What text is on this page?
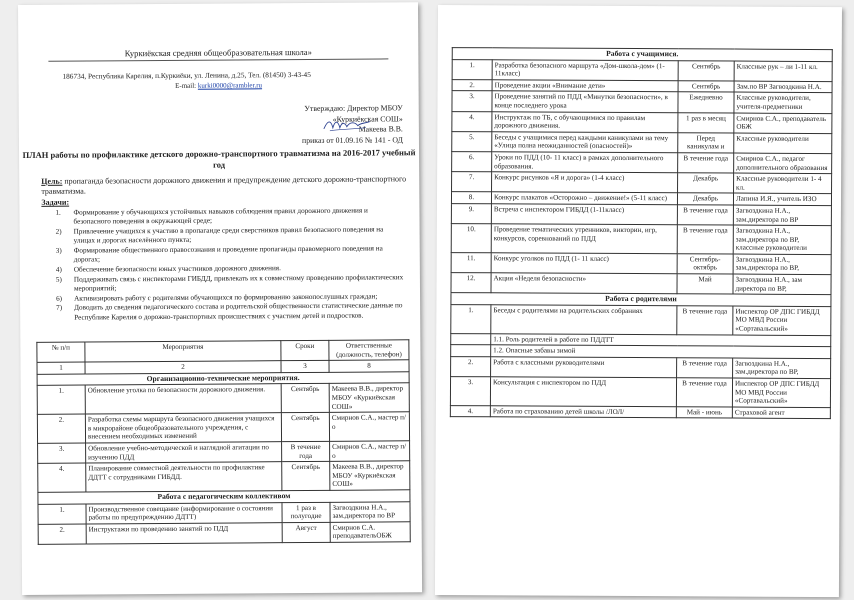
Куркиёкская средняя общеобразовательная школа»
186734, Республика Карелия, п.Куркиёки, ул. Ленина, д.25, Тел. (81450) 3-43-45
E-mail: kurki0000@rambler.ru
Утверждаю: Директор МБОУ
«Куркиёкская СОШ»
Макеева В.В.
приказ от 01.09.16 № 141 - ОД
ПЛАН работы по профилактике детского дорожно-транспортного травматизма на 2016-2017 учебный год
Цель: пропаганда безопасности дорожного движения и предупреждение детского дорожно-транспортного травматизма.
Задачи:
1. Формирование у обучающихся устойчивых навыков соблюдения правил дорожного движения и безопасного поведения в окружающей среде;
2) Привлечение учащихся к участию в пропаганде среди сверстников правил безопасного поведения на улицах и дорогах населённого пункта;
3) Формирование общественного правосознания и проведение пропаганды правомерного поведения на дорогах;
4) Обеспечение безопасности юных участников дорожного движения.
5) Поддерживать связь с инспекторами ГИБДД, привлекать их к совместному проведению профилактических мероприятий;
6) Активизировать работу с родителями обучающихся по формированию законопослушных граждан;
7) Доводить до сведения педагогического состава и родительской общественности статистические данные по Республике Карелия о дорожно-транспортных происшествиях с участием детей и подростков.
№ п/п	Мероприятия	Сроки	Ответственные (должность, телефон)
1	2	3	8
Организационно-технические мероприятия.			
1.	Обновление уголка по безопасности дорожного движения.	Сентябрь	Макеева В.В., директор МБОУ «Куркиёкская СОШ»
2.	Разработка схемы маршрута безопасного движения учащихся в микрорайоне общеобразовательного учреждения, с внесением необходимых изменений	Сентябрь	Смирнов С.А., мастер п/о
3.	Обновление учебно-методической и наглядной агитации по изучению ПДД	В течение года	Смирнов С.А., мастер п/о
4.	Планирование совместной деятельности по профилактике ДДТТ с сотрудниками ГИБДД.	Сентябрь	Макеева В.В., директор МБОУ «Куркиёкская СОШ»
Работа с педагогическим коллективом			
1.	Производственное совещание (информирование о состоянии работы по предупреждению ДДТТ)	1 раз в полугодие	Загвоздкина Н.А., зам.директора по ВР
2.	Инструктажи по проведению занятий по ПДД	Август	Смирнов С.А. преподавательОБЖ
Работа с учащимися.			
1.	Разработка безопасного маршрута «Дом-школа-дом» (1-11класс)	Сентябрь	Классные рук – ли 1-11 кл.
2.	Проведение акции «Внимание дети»	Сентябрь	Зам.по ВР Загвоздкина Н.А.
3.	Проведение занятий по ПДД «Минутки безопасности», в конце последнего урока	Ежедневно	Классные руководители, учителя-предметники
4.	Инструктаж по ТБ, с обучающимися по правилам дорожного движения.	1 раз в месяц	Смирнов С.А., преподаватель ОБЖ
5.	Беседы с учащимися перед каждыми каникулами на тему «Улица полна неожиданностей (опасностей)»	Перед каникулам и	Классные руководители
6.	Уроки по ПДД (10- 11 класс) в рамках дополнительного образования.	В течение года	Смирнов С.А., педагог дополнительного образования
7.	Конкурс рисунков «Я и дорога» (1-4 класс)	Декабрь	Классные руководители 1- 4 кл.
8.	Конкурс плакатов «Осторожно – движение!» (5-11 класс)	Декабрь	Лапина И.Я., учитель ИЗО
9.	Встреча с инспектором ГИБДД (1-11класс)	В течение года	Загвоздкина Н.А., зам.директора по ВР
10.	Проведение тематических утренников, викторин, игр, конкурсов, соревнований по ПДД	В течение года	Загвоздкина Н.А., зам.директора по ВР, классные руководители
11.	Конкурс уголков по ПДД (1- 11 класс)	Сентябрь-октябрь	Загвоздкина Н.А., зам.директора по ВР,
12.	Акция «Неделя безопасности»	Май	Загвоздкина Н.А., зам директора по ВР,
Работа с родителями			
1.	Беседы с родителями на родительских собраниях	В течение года	Инспектор ОР ДПС ГИБДД МО МВД России «Сортавальский»
	1.1. Роль родителей в работе по ПДДТТ		
	1.2. Опасные забавы зимой		
2.	Работа с классными руководителями	В течение года	Загвоздкина Н.А., зам.директора по ВР,
3.	Консультация с инспектором по ПДД	В течение года	Инспектор ОР ДПС ГИБДД МО МВД России «Сортавальский»
4.	Работа по страхованию детей школы /ЛОЛ/	Май - июнь	Страховой агент
